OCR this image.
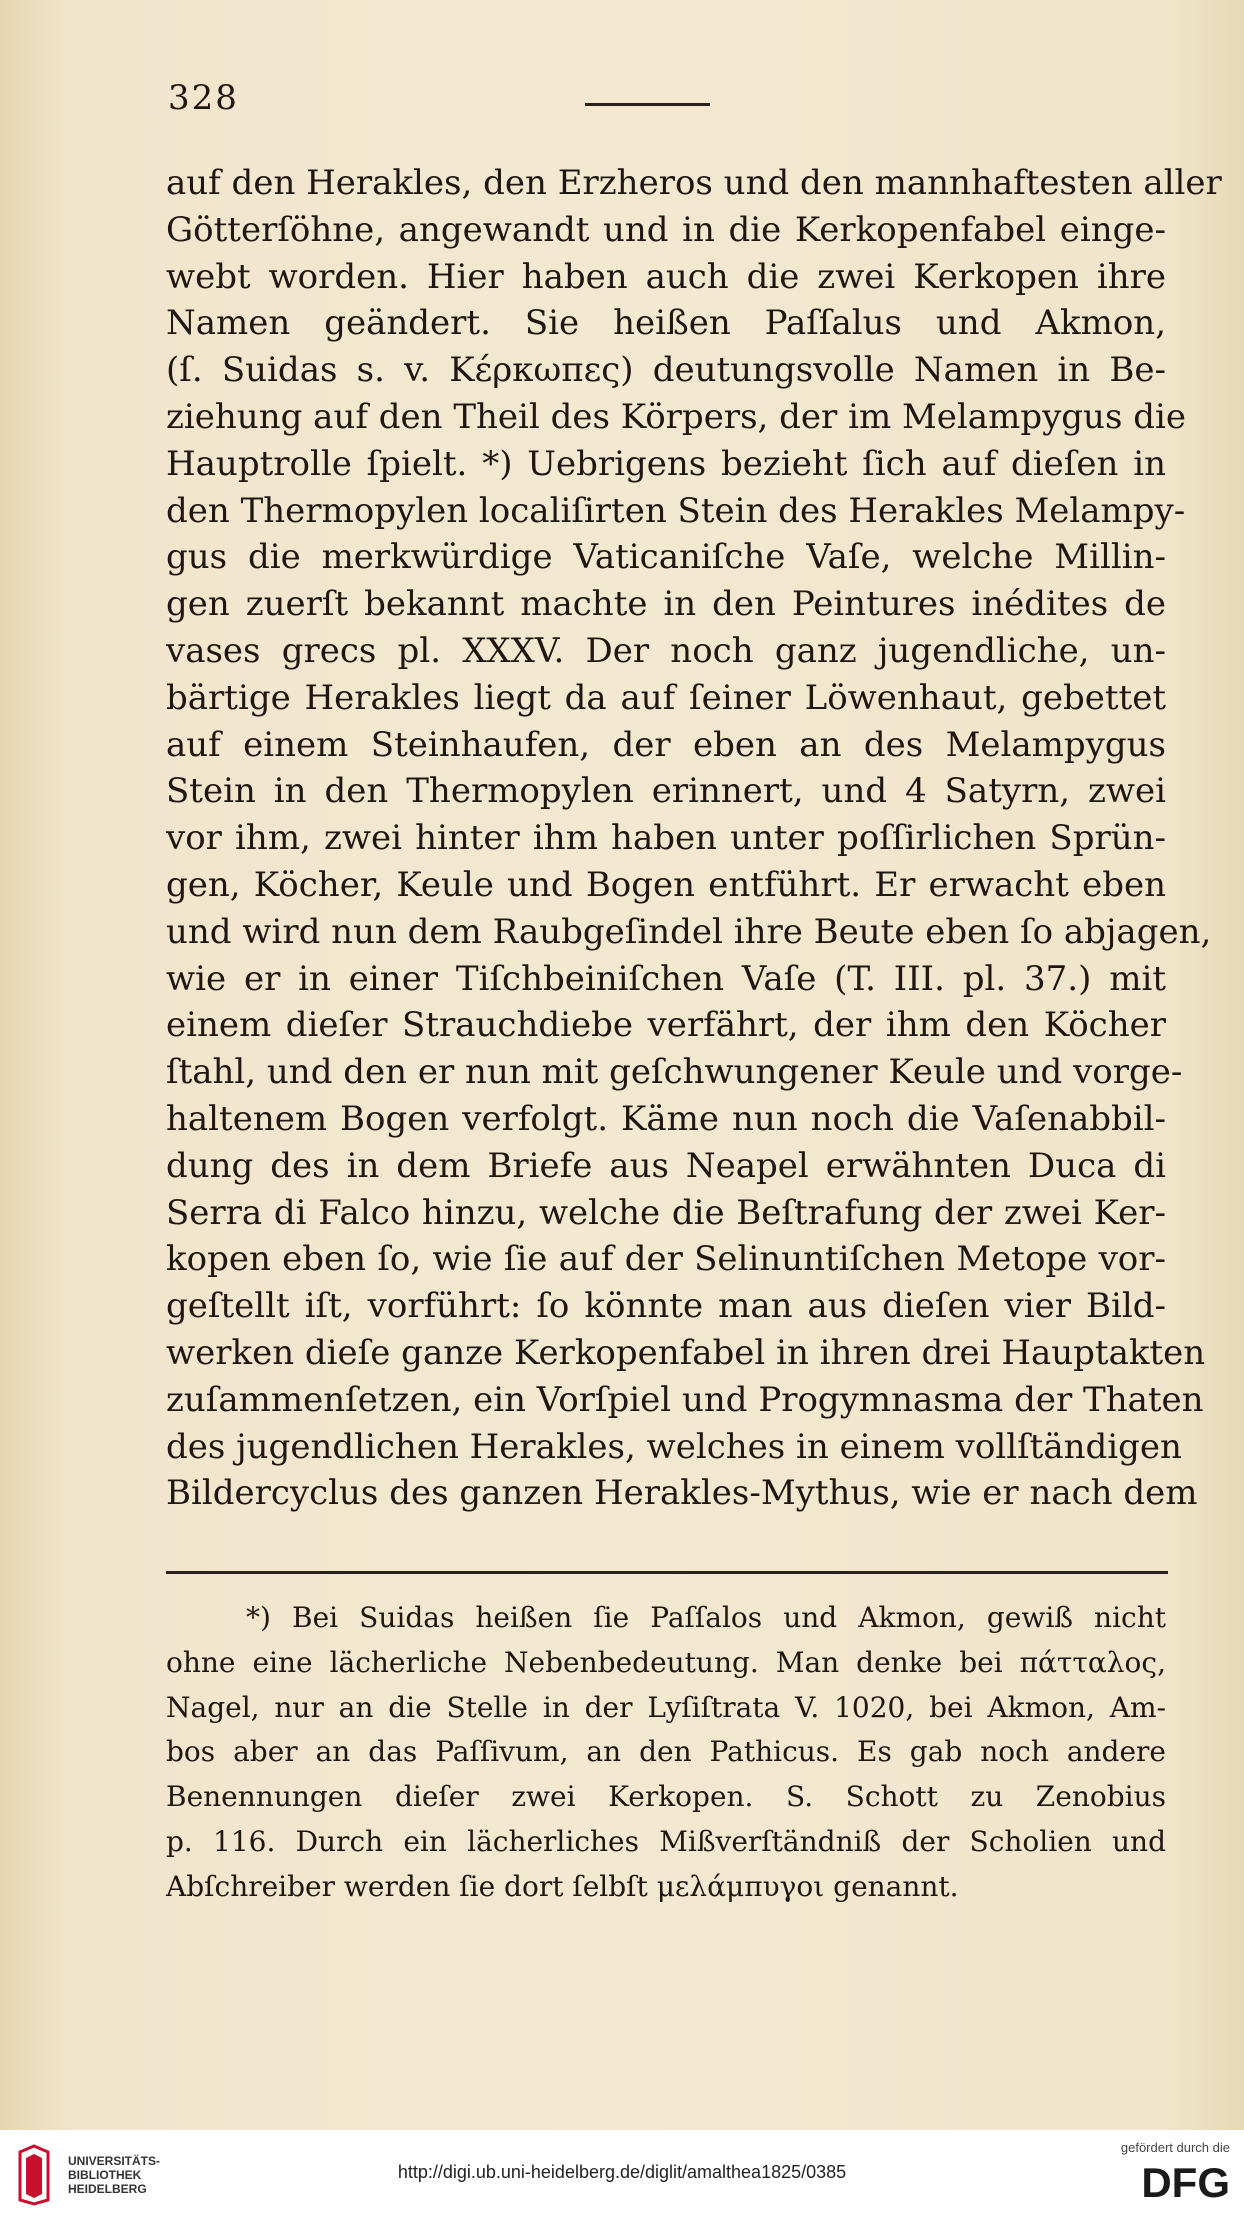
328
auf den Herakles, den Erzheros und den mannhaftesten aller
Götterſöhne, angewandt und in die Kerkopenfabel einge-
webt worden. Hier haben auch die zwei Kerkopen ihre
Namen geändert. Sie heißen Paſſalus und Akmon,
(ſ. Suidas s. v. Κέρκωπες) deutungsvolle Namen in Be-
ziehung auf den Theil des Körpers, der im Melampygus die
Hauptrolle ſpielt. *) Uebrigens bezieht ſich auf dieſen in
den Thermopylen localiſirten Stein des Herakles Melampy-
gus die merkwürdige Vaticaniſche Vaſe, welche Millin-
gen zuerſt bekannt machte in den Peintures inédites de
vases grecs pl. XXXV. Der noch ganz jugendliche, un-
bärtige Herakles liegt da auf ſeiner Löwenhaut, gebettet
auf einem Steinhaufen, der eben an des Melampygus
Stein in den Thermopylen erinnert, und 4 Satyrn, zwei
vor ihm, zwei hinter ihm haben unter poſſirlichen Sprün-
gen, Köcher, Keule und Bogen entführt. Er erwacht eben
und wird nun dem Raubgeſindel ihre Beute eben ſo abjagen,
wie er in einer Tiſchbeiniſchen Vaſe (T. III. pl. 37.) mit
einem dieſer Strauchdiebe verfährt, der ihm den Köcher
ſtahl, und den er nun mit geſchwungener Keule und vorge-
haltenem Bogen verfolgt. Käme nun noch die Vaſenabbil-
dung des in dem Briefe aus Neapel erwähnten Duca di
Serra di Falco hinzu, welche die Beſtrafung der zwei Ker-
kopen eben ſo, wie ſie auf der Selinuntiſchen Metope vor-
geſtellt iſt, vorführt: ſo könnte man aus dieſen vier Bild-
werken dieſe ganze Kerkopenfabel in ihren drei Hauptakten
zuſammenſetzen, ein Vorſpiel und Progymnasma der Thaten
des jugendlichen Herakles, welches in einem vollſtändigen
Bildercyclus des ganzen Herakles-Mythus, wie er nach dem
*) Bei Suidas heißen ſie Paſſalos und Akmon, gewiß nicht
ohne eine lächerliche Nebenbedeutung. Man denke bei πάτταλος,
Nagel, nur an die Stelle in der Lyſiſtrata V. 1020, bei Akmon, Am-
bos aber an das Paſſivum, an den Pathicus. Es gab noch andere
Benennungen dieſer zwei Kerkopen. S. Schott zu Zenobius
p. 116. Durch ein lächerliches Mißverſtändniß der Scholien und
Abſchreiber werden ſie dort ſelbſt μελάμπυγοι genannt.
UNIVERSITÄTS-
BIBLIOTHEK
HEIDELBERG
http://digi.ub.uni-heidelberg.de/diglit/amalthea1825/0385
gefördert durch die
DFG
